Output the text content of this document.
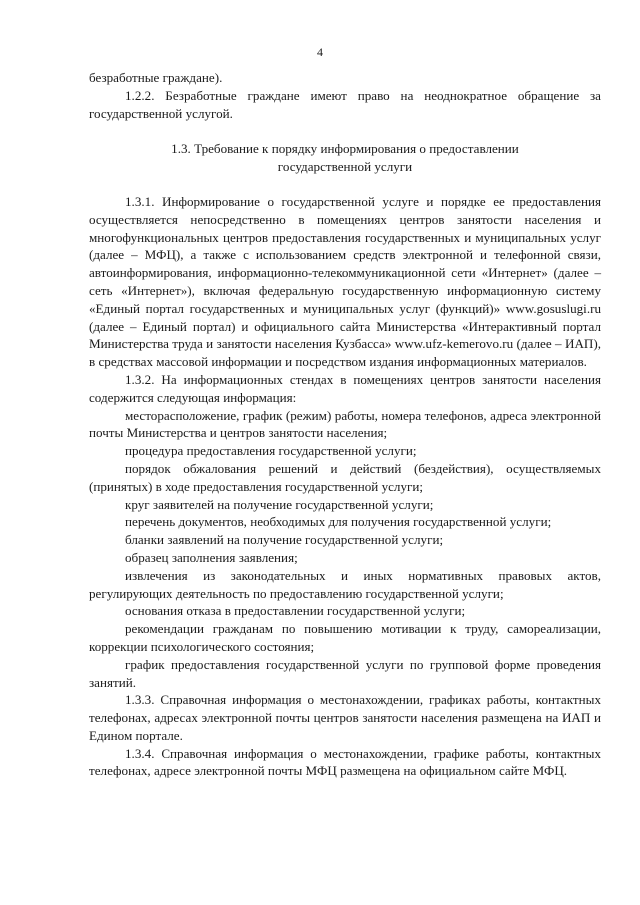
4

безработные граждане).

1.2.2. Безработные граждане имеют право на неоднократное обращение за государственной услугой.

1.3. Требование к порядку информирования о предоставлении государственной услуги

1.3.1. Информирование о государственной услуге и порядке ее предоставления осуществляется непосредственно в помещениях центров занятости населения и многофункциональных центров предоставления государственных и муниципальных услуг (далее – МФЦ), а также с использованием средств электронной и телефонной связи, автоинформирования, информационно-телекоммуникационной сети «Интернет» (далее – сеть «Интернет»), включая федеральную государственную информационную систему «Единый портал государственных и муниципальных услуг (функций)» www.gosuslugi.ru (далее – Единый портал) и официального сайта Министерства «Интерактивный портал Министерства труда и занятости населения Кузбасса» www.ufz-kemerovo.ru (далее – ИАП), в средствах массовой информации и посредством издания информационных материалов.

1.3.2. На информационных стендах в помещениях центров занятости населения содержится следующая информация:

месторасположение, график (режим) работы, номера телефонов, адреса электронной почты Министерства и центров занятости населения;

процедура предоставления государственной услуги;

порядок обжалования решений и действий (бездействия), осуществляемых (принятых) в ходе предоставления государственной услуги;

круг заявителей на получение государственной услуги;

перечень документов, необходимых для получения государственной услуги;

бланки заявлений на получение государственной услуги;

образец заполнения заявления;

извлечения из законодательных и иных нормативных правовых актов, регулирующих деятельность по предоставлению государственной услуги;

основания отказа в предоставлении государственной услуги;

рекомендации гражданам по повышению мотивации к труду, самореализации, коррекции психологического состояния;

график предоставления государственной услуги по групповой форме проведения занятий.

1.3.3. Справочная информация о местонахождении, графиках работы, контактных телефонах, адресах электронной почты центров занятости населения размещена на ИАП и Едином портале.

1.3.4. Справочная информация о местонахождении, графике работы, контактных телефонах, адресе электронной почты МФЦ размещена на официальном сайте МФЦ.
